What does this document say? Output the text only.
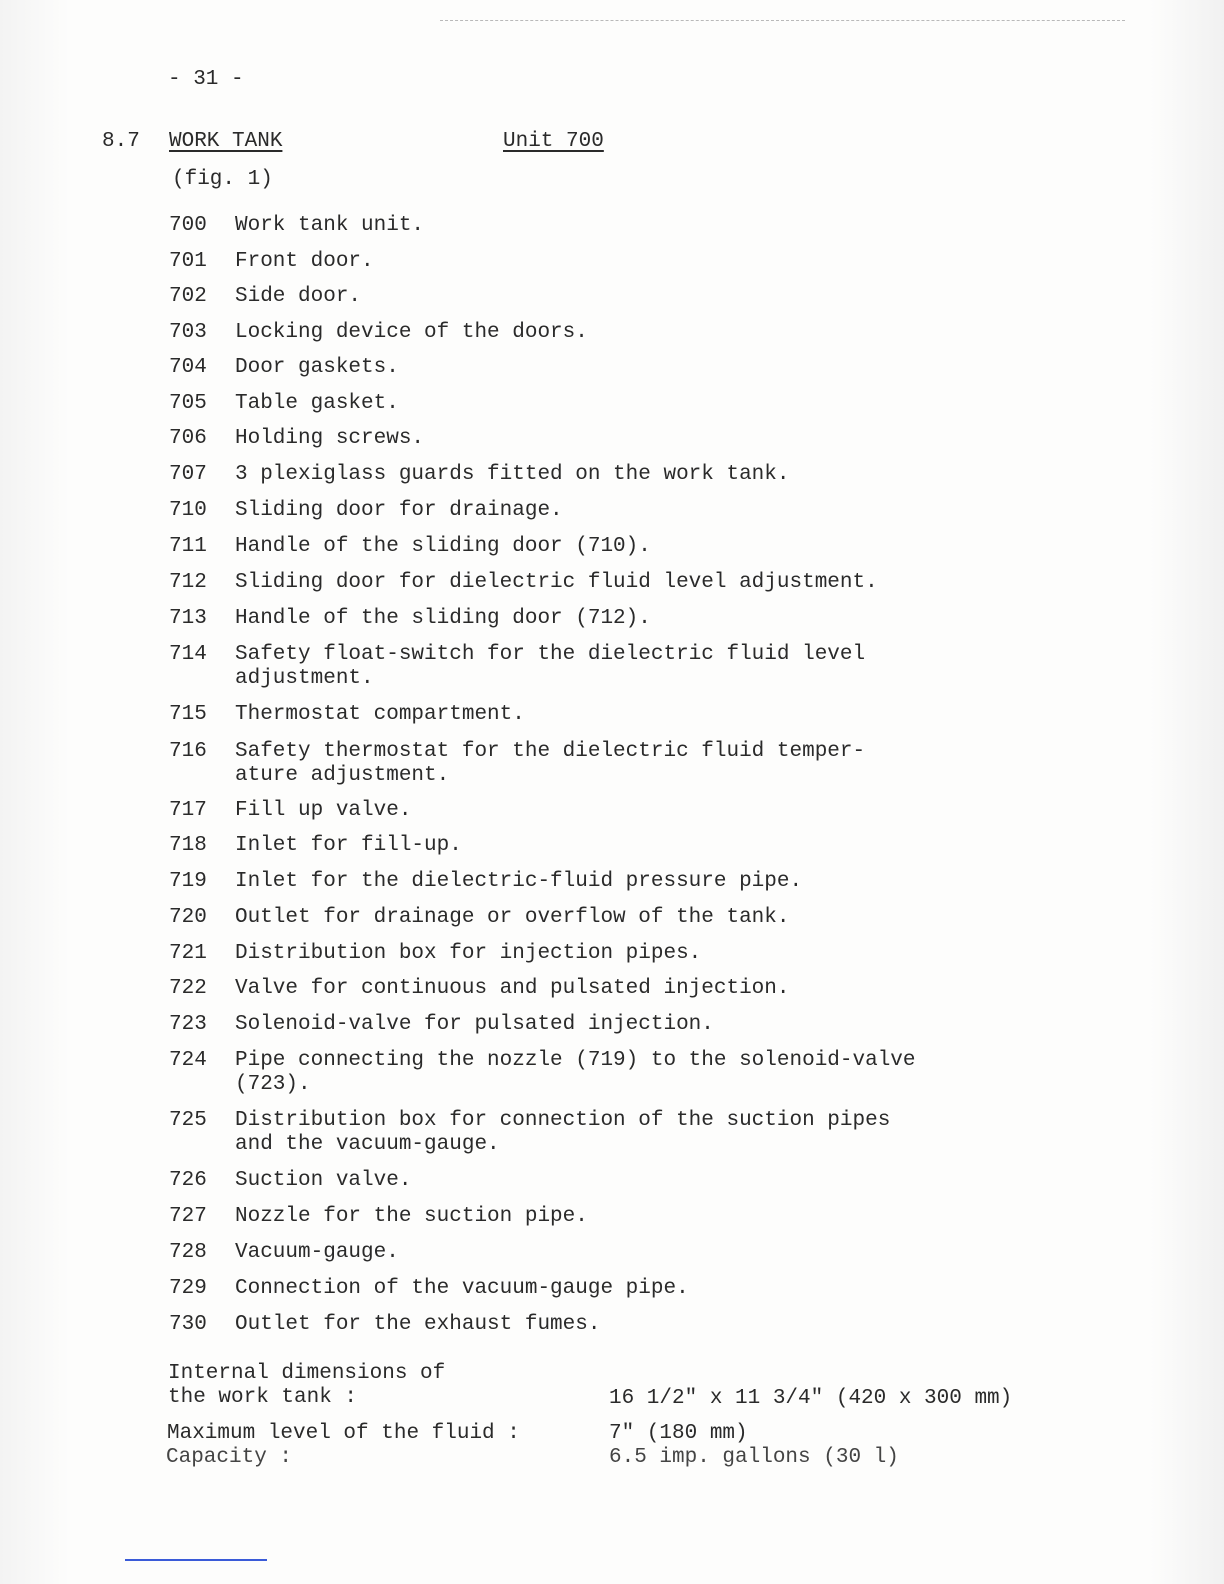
- 31 -
8.7 WORK TANK	Unit 700
(fig. 1)
700	Work tank unit.
701	Front door.
702	Side door.
703	Locking device of the doors.
704	Door gaskets.
705	Table gasket.
706	Holding screws.
707	3 plexiglass guards fitted on the work tank.
710	Sliding door for drainage.
711	Handle of the sliding door (710).
712	Sliding door for dielectric fluid level adjustment.
713	Handle of the sliding door (712).
714	Safety float-switch for the dielectric fluid level
adjustment.
715	Thermostat compartment.
716	Safety thermostat for the dielectric fluid temper-
ature adjustment.
717	Fill up valve.
718	Inlet for fill-up.
719	Inlet for the dielectric-fluid pressure pipe.
720	Outlet for drainage or overflow of the tank.
721	Distribution box for injection pipes.
722	Valve for continuous and pulsated injection.
723	Solenoid-valve for pulsated injection.
724	Pipe connecting the nozzle (719) to the solenoid-valve
(723).
725	Distribution box for connection of the suction pipes
and the vacuum-gauge.
726	Suction valve.
727	Nozzle for the suction pipe.
728	Vacuum-gauge.
729	Connection of the vacuum-gauge pipe.
730	Outlet for the exhaust fumes.
Internal dimensions of
the work tank :	16 1/2" x 11 3/4" (420 x 300 mm)
Maximum level of the fluid :	7" (180 mm)
Capacity :	6.5 imp. gallons (30 l)
